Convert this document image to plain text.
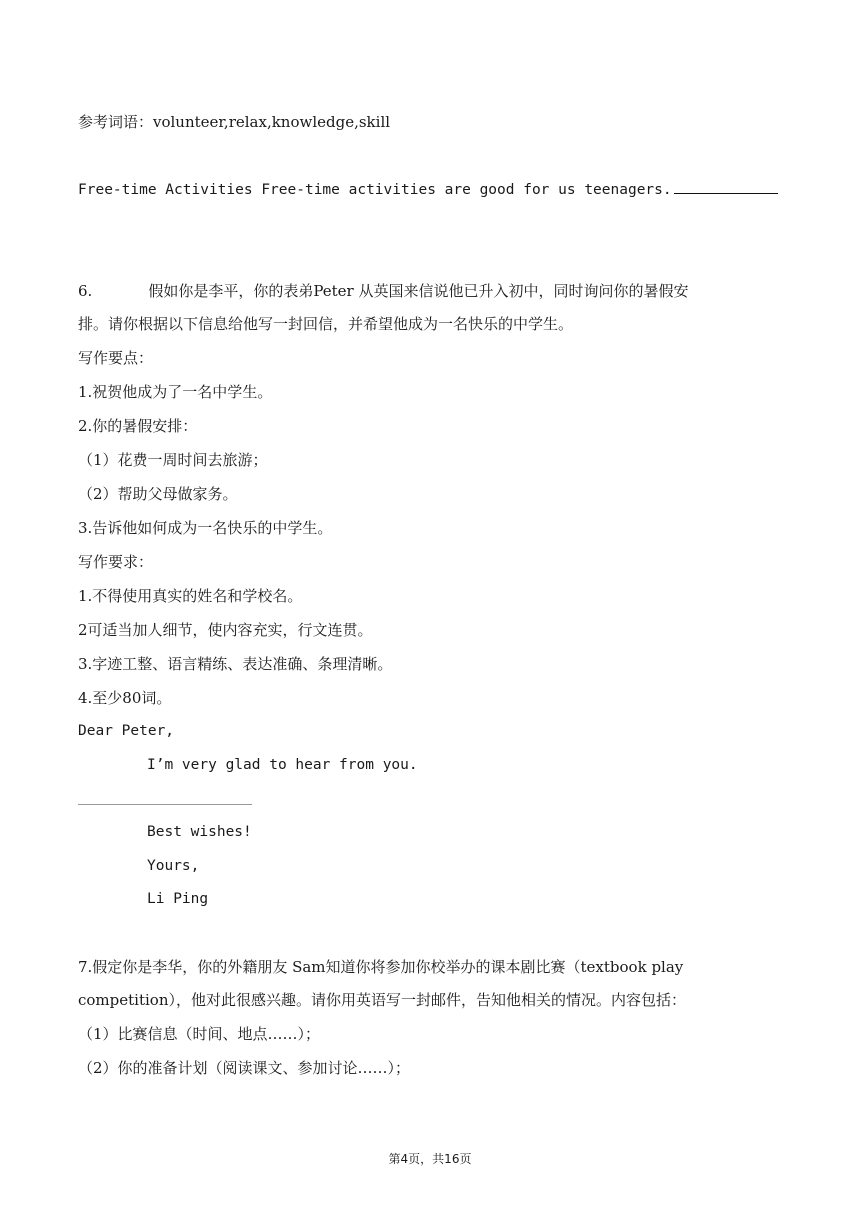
参考词语：volunteer,relax,knowledge,skill
Free-time Activities Free-time activities are good for us teenagers.
6.	假如你是李平，你的表弟Peter 从英国来信说他已升入初中，同时询问你的暑假安
排。请你根据以下信息给他写一封回信，并希望他成为一名快乐的中学生。
写作要点：
1.祝贺他成为了一名中学生。
2.你的暑假安排：
（1）花费一周时间去旅游；
（2）帮助父母做家务。
3.告诉他如何成为一名快乐的中学生。
写作要求：
1.不得使用真实的姓名和学校名。
2可适当加人细节，使内容充实，行文连贯。
3.字迹工整、语言精练、表达准确、条理清晰。
4.至少80词。
Dear Peter,
I’m very glad to hear from you.
Best wishes!
Yours,
Li Ping
7.假定你是李华，你的外籍朋友 Sam知道你将参加你校举办的课本剧比赛（textbook play
competition），他对此很感兴趣。请你用英语写一封邮件，告知他相关的情况。内容包括：
（1）比赛信息（时间、地点……）；
（2）你的准备计划（阅读课文、参加讨论……）；
第4页，共16页
